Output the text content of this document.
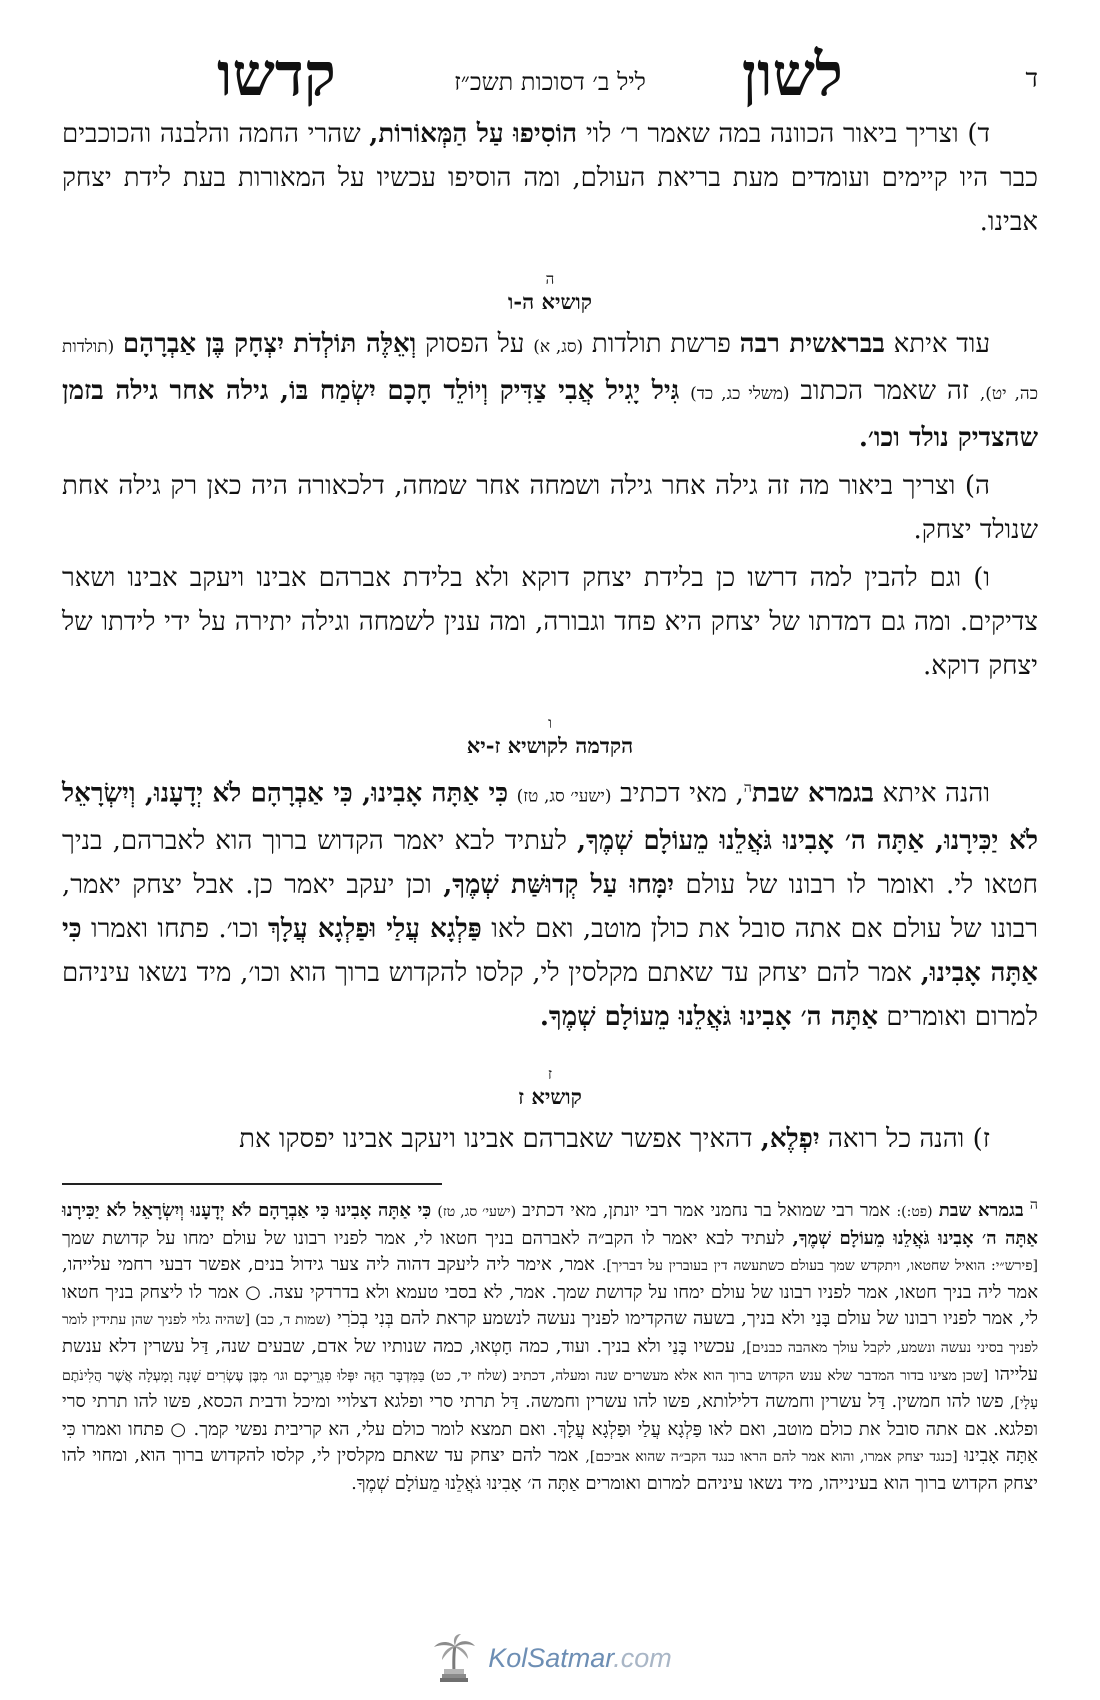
ד
לשון
ליל ב׳ דסוכות תשכ״ז
קדשו

ד) וצריך ביאור הכוונה במה שאמר ר׳ לוי הוֹסִיפוּ עַל הַמְּאוֹרוֹת, שהרי החמה והלבנה והכוכבים כבר היו קיימים ועומדים מעת בריאת העולם, ומה הוסיפו עכשיו על המאורות בעת לידת יצחק אבינו.

ה
קושיא ה-ו

עוד איתא בבראשית רבה פרשת תולדות (סג, א) על הפסוק וְאֵלֶּה תּוֹלְדֹת יִצְחָק בֶּן אַבְרָהָם (תולדות כה, יט), זה שאמר הכתוב (משלי כג, כד) גִּיל יָגִיל אֲבִי צַדִּיק וְיוֹלֵד חָכָם יִשְׂמַח בּוֹ, גילה אחר גילה בזמן שהצדיק נולד וכו׳.

ה) וצריך ביאור מה זה גילה אחר גילה ושמחה אחר שמחה, דלכאורה היה כאן רק גילה אחת שנולד יצחק.

ו) וגם להבין למה דרשו כן בלידת יצחק דוקא ולא בלידת אברהם אבינו ויעקב אבינו ושאר צדיקים. ומה גם דמדתו של יצחק היא פחד וגבורה, ומה ענין לשמחה וגילה יתירה על ידי לידתו של יצחק דוקא.

ו
הקדמה לקושיא ז-יא

והנה איתא בגמרא שבת$^ה$, מאי דכתיב (ישעי׳ סג, טז) כִּי אַתָּה אָבִינוּ, כִּי אַבְרָהָם לֹא יְדָעָנוּ, וְיִשְׂרָאֵל לֹא יַכִּירָנוּ, אַתָּה ה׳ אָבִינוּ גֹּאֲלֵנוּ מֵעוֹלָם שְׁמֶךָ, לעתיד לבא יאמר הקדוש ברוך הוא לאברהם, בניך חטאו לי. ואומר לו רבונו של עולם יִמָּחוּ עַל קְדוּשַּׁת שְׁמֶךָ, וכן יעקב יאמר כן. אבל יצחק יאמר, רבונו של עולם אם אתה סובל את כולן מוטב, ואם לאו פַּלְגָא עֲלַי וּפַלְגָא עֲלָךְ וכו׳. פתחו ואמרו כִּי אַתָּה אָבִינוּ, אמר להם יצחק עד שאתם מקלסין לי, קלסו להקדוש ברוך הוא וכו׳, מיד נשאו עיניהם למרום ואומרים אַתָּה ה׳ אָבִינוּ גֹּאֲלֵנוּ מֵעוֹלָם שְׁמֶךָ.

ז
קושיא ז

ז) והנה כל רואה יִפְלֶא, דהאיך אפשר שאברהם אבינו ויעקב אבינו יפסקו את

$^ה$ בגמרא שבת (פט:): אמר רבי שמואל בר נחמני אמר רבי יונתן, מאי דכתיב (ישעי׳ סג, טז) כִּי אַתָּה אָבִינוּ כִּי אַבְרָהָם לֹא יְדָעָנוּ וְיִשְׂרָאֵל לֹא יַכִּירָנוּ אַתָּה ה׳ אָבִינוּ גֹּאֲלֵנוּ מֵעוֹלָם שְׁמֶךָ, לעתיד לבא יאמר לו הקב״ה לאברהם בניך חטאו לי, אמר לפניו רבונו של עולם ימחו על קדושת שמך [פירש״י: הואיל שחטאו, ויתקדש שמך בעולם כשתעשה דין בעוברין על דבריך]. אמר, אימר ליה ליעקב דהוה ליה צער גידול בנים, אפשר דבעי רחמי עלייהו, אמר ליה בניך חטאו, אמר לפניו רבונו של עולם ימחו על קדושת שמך. אמר, לא בסבי טעמא ולא בדרדקי עצה. ○ אמר לו ליצחק בניך חטאו לי, אמר לפניו רבונו של עולם בָּנַי ולא בניך, בשעה שהקדימו לפניך נעשה לנשמע קראת להם בְּנִי בְכֹרִי (שמות ד, כב) [שהיה גלוי לפניך שהן עתידין לומר לפניך בסיני נעשה ונשמע, לקבל עולך מאהבה כבנים], עכשיו בָּנַי ולא בניך. ועוד, כמה חָטְאוּ, כמה שנותיו של אדם, שבעים שנה, דַּל עשרין דלא ענשת עלייהו [שכן מצינו בדור המדבר שלא ענש הקדוש ברוך הוא אלא מעשרים שנה ומעלה, דכתיב (שלח יד, כט) בַּמִּדְבָּר הַזֶּה יִפְּלוּ פִגְרֵיכֶם וגו׳ מִבֶּן עֶשְׂרִים שָׁנָה וָמָעְלָה אֲשֶׁר הֲלִינֹתֶם עָלָי], פשו להו חמשין. דַּל עשרין וחמשה דלילותא, פשו להו עשרין וחמשה. דַּל תרתי סרי ופלגא דצלויי ומיכל ודבית הכסא, פשו להו תרתי סרי ופלגא. אם אתה סובל את כולם מוטב, ואם לאו פַּלְגָא עֲלַי וּפַלְגָא עֲלָךְ. ואם תמצא לומר כולם עלי, הא קריבית נפשי קמך. ○ פתחו ואמרו כִּי אַתָּה אָבִינוּ [כנגד יצחק אמרו, והוא אמר להם הראו כנגד הקב״ה שהוא אביכם], אמר להם יצחק עד שאתם מקלסין לי, קלסו להקדוש ברוך הוא, ומחוי להו יצחק הקדוש ברוך הוא בעינייהו, מיד נשאו עיניהם למרום ואומרים אַתָּה ה׳ אָבִינוּ גֹּאֲלֵנוּ מֵעוֹלָם שְׁמֶךָ.
KolSatmar.com
